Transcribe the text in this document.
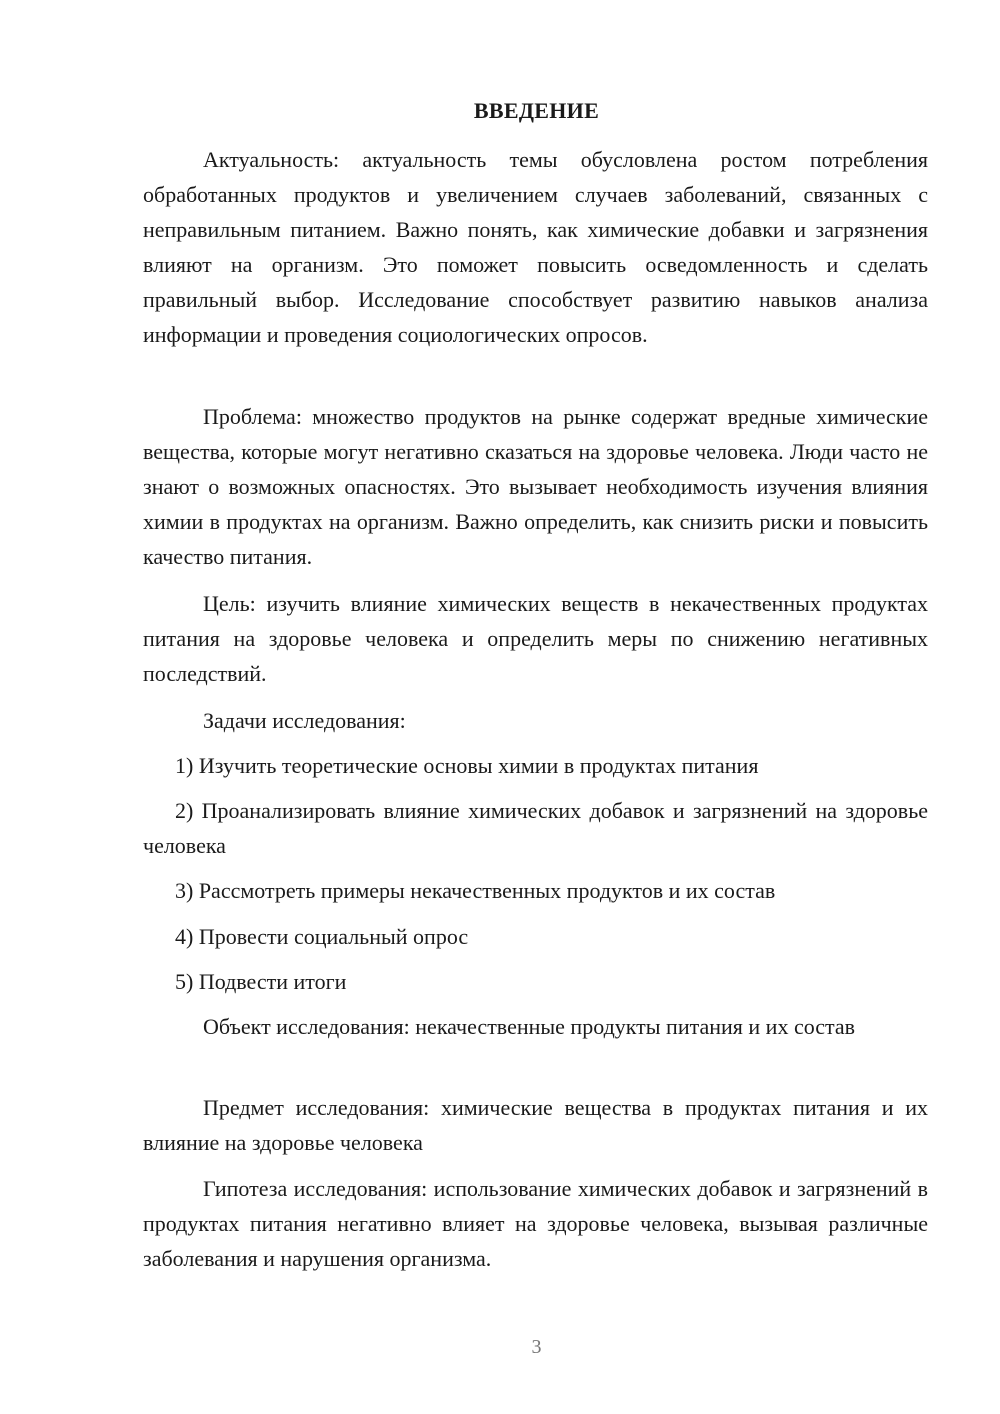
ВВЕДЕНИЕ

Актуальность: актуальность темы обусловлена ростом потребления обработанных продуктов и увеличением случаев заболеваний, связанных с неправильным питанием. Важно понять, как химические добавки и загрязнения влияют на организм. Это поможет повысить осведомленность и сделать правильный выбор. Исследование способствует развитию навыков анализа информации и проведения социологических опросов.

Проблема: множество продуктов на рынке содержат вредные химические вещества, которые могут негативно сказаться на здоровье человека. Люди часто не знают о возможных опасностях. Это вызывает необходимость изучения влияния химии в продуктах на организм. Важно определить, как снизить риски и повысить качество питания.

Цель: изучить влияние химических веществ в некачественных продуктах питания на здоровье человека и определить меры по снижению негативных последствий.

Задачи исследования:

1) Изучить теоретические основы химии в продуктах питания

2) Проанализировать влияние химических добавок и загрязнений на здоровье человека

3) Рассмотреть примеры некачественных продуктов и их состав

4) Провести социальный опрос

5) Подвести итоги

Объект исследования: некачественные продукты питания и их состав

Предмет исследования: химические вещества в продуктах питания и их влияние на здоровье человека

Гипотеза исследования: использование химических добавок и загрязнений в продуктах питания негативно влияет на здоровье человека, вызывая различные заболевания и нарушения организма.

3
